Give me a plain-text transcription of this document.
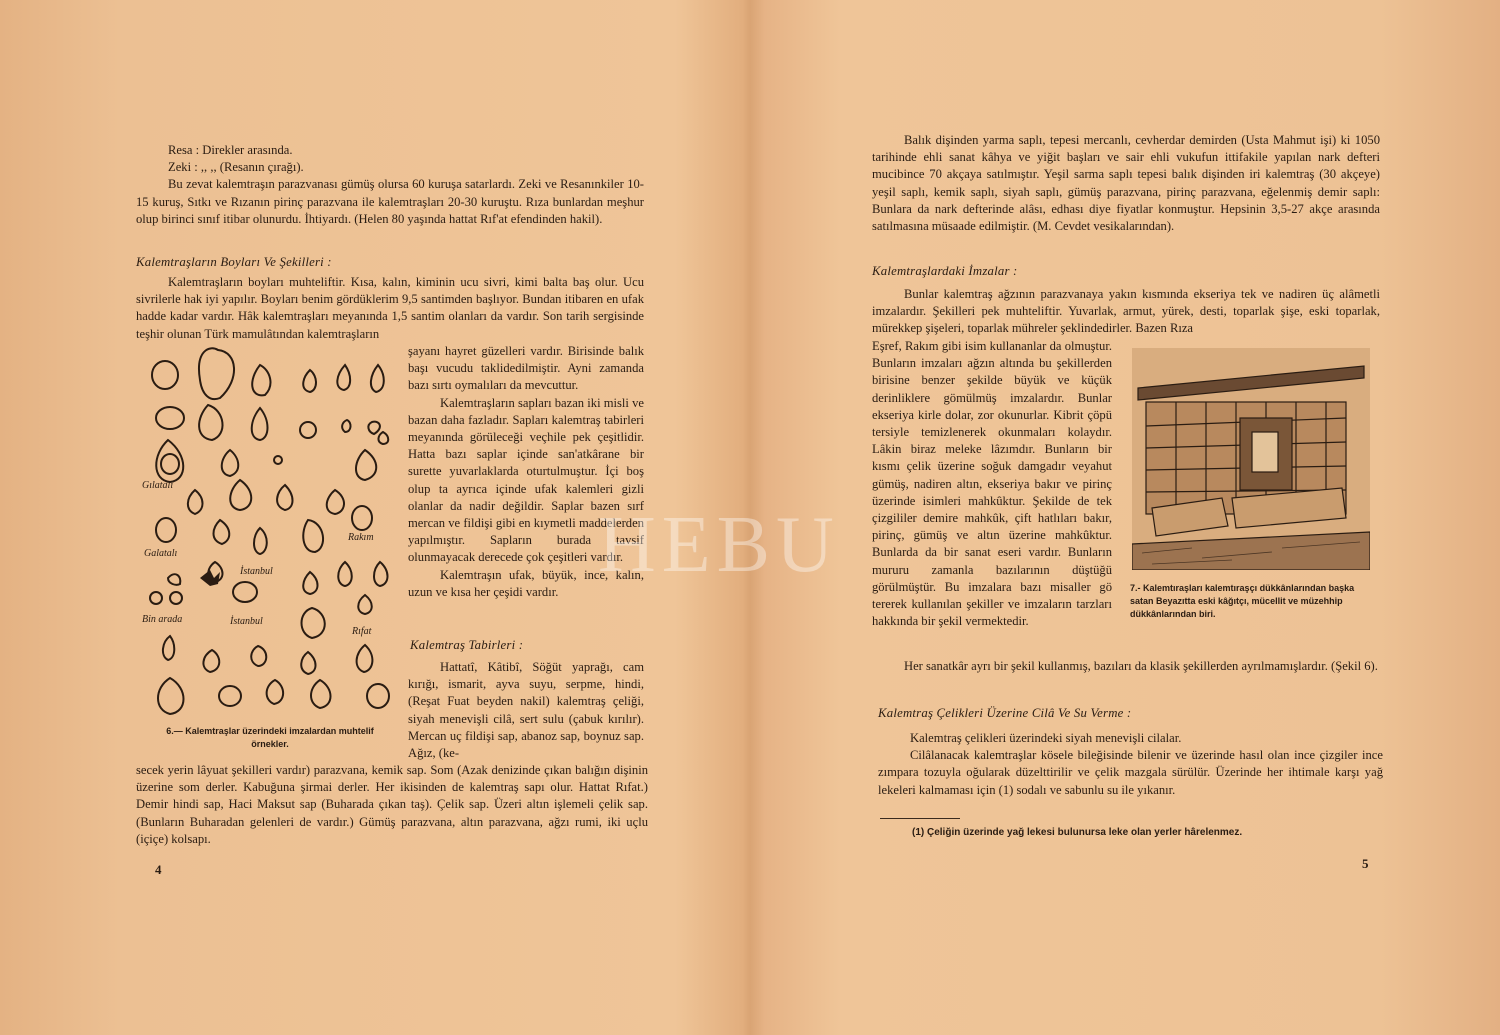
Resa : Direkler arasında.

Zeki : ,, ,, (Resanın çırağı).

Bu zevat kalemtraşın parazvanası gümüş olursa 60 kuruşa satarlardı. Zeki ve Resanınkiler 10-15 kuruş, Sıtkı ve Rızanın pirinç parazvana ile kalemtraşları 20-30 kuruştu. Rıza bunlardan meşhur olup birinci sınıf itibar olunurdu. İhtiyardı. (Helen 80 yaşında hattat Rıf'at efendinden hakil).

Kalemtraşların Boyları Ve Şekilleri :

Kalemtraşların boyları muhteliftir. Kısa, kalın, kiminin ucu sivri, kimi balta baş olur. Ucu sivrilerle hak iyi yapılır. Boyları benim gördüklerim 9,5 santimden başlıyor. Bundan itibaren en ufak hadde kadar vardır. Hâk kalemtraşları meyanında 1,5 santim olanları da vardır. Son tarih sergisinde teşhir olunan Türk mamulâtından kalemtraşların

Gılatalı
Galatalı
İstanbul
Rakım
Bin arada	İstanbul
Rıfat
6.— Kalemtraşlar üzerindeki imzalardan muhtelif örnekler.

şayanı hayret güzelleri vardır. Birisinde balık başı vucudu taklidedilmiştir. Ayni zamanda bazı sırtı oymalıları da mevcuttur.

Kalemtraşların sapları bazan iki misli ve bazan daha fazladır. Sapları kalemtraş tabirleri meyanında görüleceği veçhile pek çeşitlidir. Hatta bazı saplar içinde san'atkârane bir surette yuvarlaklarda oturtulmuştur. İçi boş olup ta ayrıca içinde ufak kalemleri gizli olanlar da nadir değildir. Saplar bazen sırf mercan ve fildişi gibi en kıymetli maddelerden yapılmıştır. Sapların burada tavsif olunmayacak derecede çok çeşitleri vardır.

Kalemtraşın ufak, büyük, ince, kalın, uzun ve kısa her çeşidi vardır.

Kalemtraş Tabirleri :

Hattatî, Kâtibî, Söğüt yaprağı, cam kırığı, ismarit, ayva suyu, serpme, hindi, (Reşat Fuat beyden nakil) kalemtraş çeliği, siyah menevişli cilâ, sert sulu (çabuk kırılır). Mercan uç fildişi sap, abanoz sap, boynuz sap. Ağız, (ke-

secek yerin lâyuat şekilleri vardır) parazvana, kemik sap. Som (Azak denizinde çıkan balığın dişinin üzerine som derler. Kabuğuna şirmai derler. Her ikisinden de kalemtraş sapı olur. Hattat Rıfat.) Demir hindi sap, Haci Maksut sap (Buharada çıkan taş). Çelik sap. Üzeri altın işlemeli çelik sap. (Bunların Buharadan gelenleri de vardır.) Gümüş parazvana, altın parazvana, ağzı rumi, iki uçlu (içiçe) kolsapı.

4

Balık dişinden yarma saplı, tepesi mercanlı, cevherdar demirden (Usta Mahmut işi) ki 1050 tarihinde ehli sanat kâhya ve yiğit başları ve sair ehli vukufun ittifakile yapılan nark defteri mucibince 70 akçaya satılmıştır. Yeşil sarma saplı tepesi balık dişinden iri kalemtraş (30 akçeye) yeşil saplı, kemik saplı, siyah saplı, gümüş parazvana, pirinç parazvana, eğelenmiş demir saplı: Bunlara da nark defterinde alâsı, edhası diye fiyatlar konmuştur. Hepsinin 3,5-27 akçe arasında satılmasına müsaade edilmiştir. (M. Cevdet vesikalarından).

Kalemtraşlardaki İmzalar :

Bunlar kalemtraş ağzının parazvanaya yakın kısmında ekseriya tek ve nadiren üç alâmetli imzalardır. Şekilleri pek muhteliftir. Yuvarlak, armut, yürek, desti, toparlak şişe, eski toparlak, mürekkep şişeleri, toparlak mühreler şeklindedirler. Bazen Rıza

Eşref, Rakım gibi isim kullananlar da olmuştur. Bunların imzaları ağzın altında bu şekillerden birisine benzer şekilde büyük ve küçük derinliklere gömülmüş imzalardır. Bunlar ekseriya kirle dolar, zor okunurlar. Kibrit çöpü tersiyle temizlenerek okunmaları kolaydır. Lâkin biraz meleke lâzımdır. Bunların bir kısmı çelik üzerine soğuk damgadır veyahut gümüş, nadiren altın, ekseriya bakır ve pirinç üzerinde isimleri mahkûktur. Şekilde de tek çizgililer demire mahkûk, çift hatlıları bakır, pirinç, gümüş ve altın üzerine mahkûktur. Bunlarda da bir sanat eseri vardır. Bunların mururu zamanla bazılarının düştüğü görülmüştür. Bu imzalara bazı misaller gö tererek kullanılan şekiller ve imzaların tarzları hakkında bir şekil vermektedir.

7.- Kalemtıraşları kalemtıraşçı dükkânlarından başka satan Beyazıtta eski kâğıtçı, mücellit ve müzehhip dükkânlarından biri.

Her sanatkâr ayrı bir şekil kullanmış, bazıları da klasik şekillerden ayrılmamışlardır. (Şekil 6).

Kalemtraş Çelikleri Üzerine Cilâ Ve Su Verme :

Kalemtraş çelikleri üzerindeki siyah menevişli cilalar.

Cilâlanacak kalemtraşlar kösele bileğisinde bilenir ve üzerinde hasıl olan ince çizgiler ince zımpara tozuyla oğularak düzelttirilir ve çelik mazgala sürülür. Üzerinde her ihtimale karşı yağ lekeleri kalmaması için (1) sodalı ve sabunlu su ile yıkanır.

(1) Çeliğin üzerinde yağ lekesi bulunursa leke olan yerler hârelenmez.
5
HEBU
